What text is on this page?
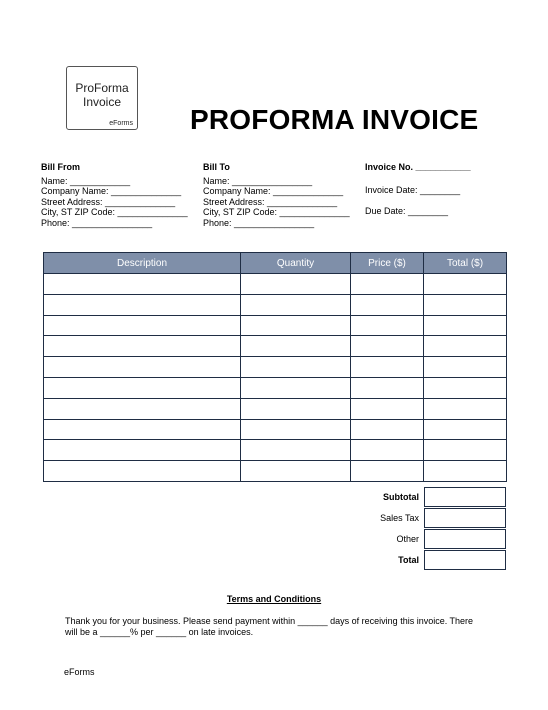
ProForma
Invoice
eForms PROFORMA INVOICE
Bill From
Name: ____________
Company Name: ______________
Street Address: ______________
City, ST ZIP Code: ______________
Phone: ________________
Bill To
Name: ________________
Company Name: ______________
Street Address: ______________
City, ST ZIP Code: ______________
Phone: ________________
Invoice No. ___________
Invoice Date: ________
Due Date: ________
Description	Quantity	Price ($)	Total ($)

Subtotal
Sales Tax
Other
Total
Terms and Conditions
Thank you for your business. Please send payment within ______ days of receiving this invoice. There will be a ______% per ______ on late invoices.
eForms
